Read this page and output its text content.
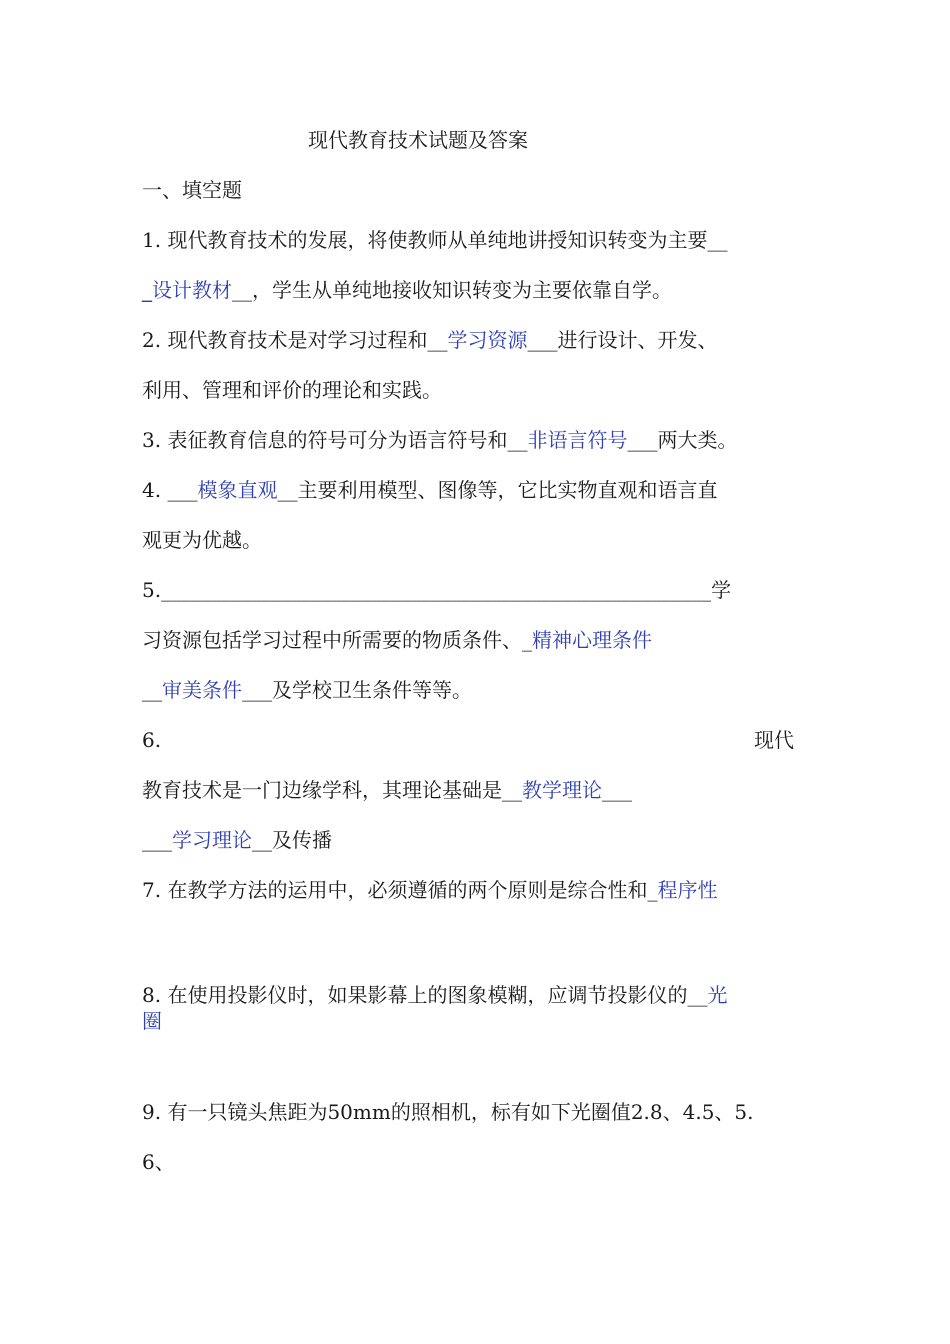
现代教育技术试题及答案
一、填空题
1. 现代教育技术的发展，将使教师从单纯地讲授知识转变为主要__
_设计教材__，学生从单纯地接收知识转变为主要依靠自学。
2. 现代教育技术是对学习过程和__学习资源___进行设计、开发、
利用、管理和评价的理论和实践。
3. 表征教育信息的符号可分为语言符号和__非语言符号___两大类。
4. ___模象直观__主要利用模型、图像等，它比实物直观和语言直
观更为优越。
5._______________________________________________________学
习资源包括学习过程中所需要的物质条件、_精神心理条件
__审美条件___及学校卫生条件等等。
6.	现代
教育技术是一门边缘学科，其理论基础是__教学理论___
___学习理论__及传播
7. 在教学方法的运用中，必须遵循的两个原则是综合性和_程序性
8. 在使用投影仪时，如果影幕上的图象模糊，应调节投影仪的__光
圈
9. 有一只镜头焦距为50mm的照相机，标有如下光圈值2.8、4.5、5.
6、
